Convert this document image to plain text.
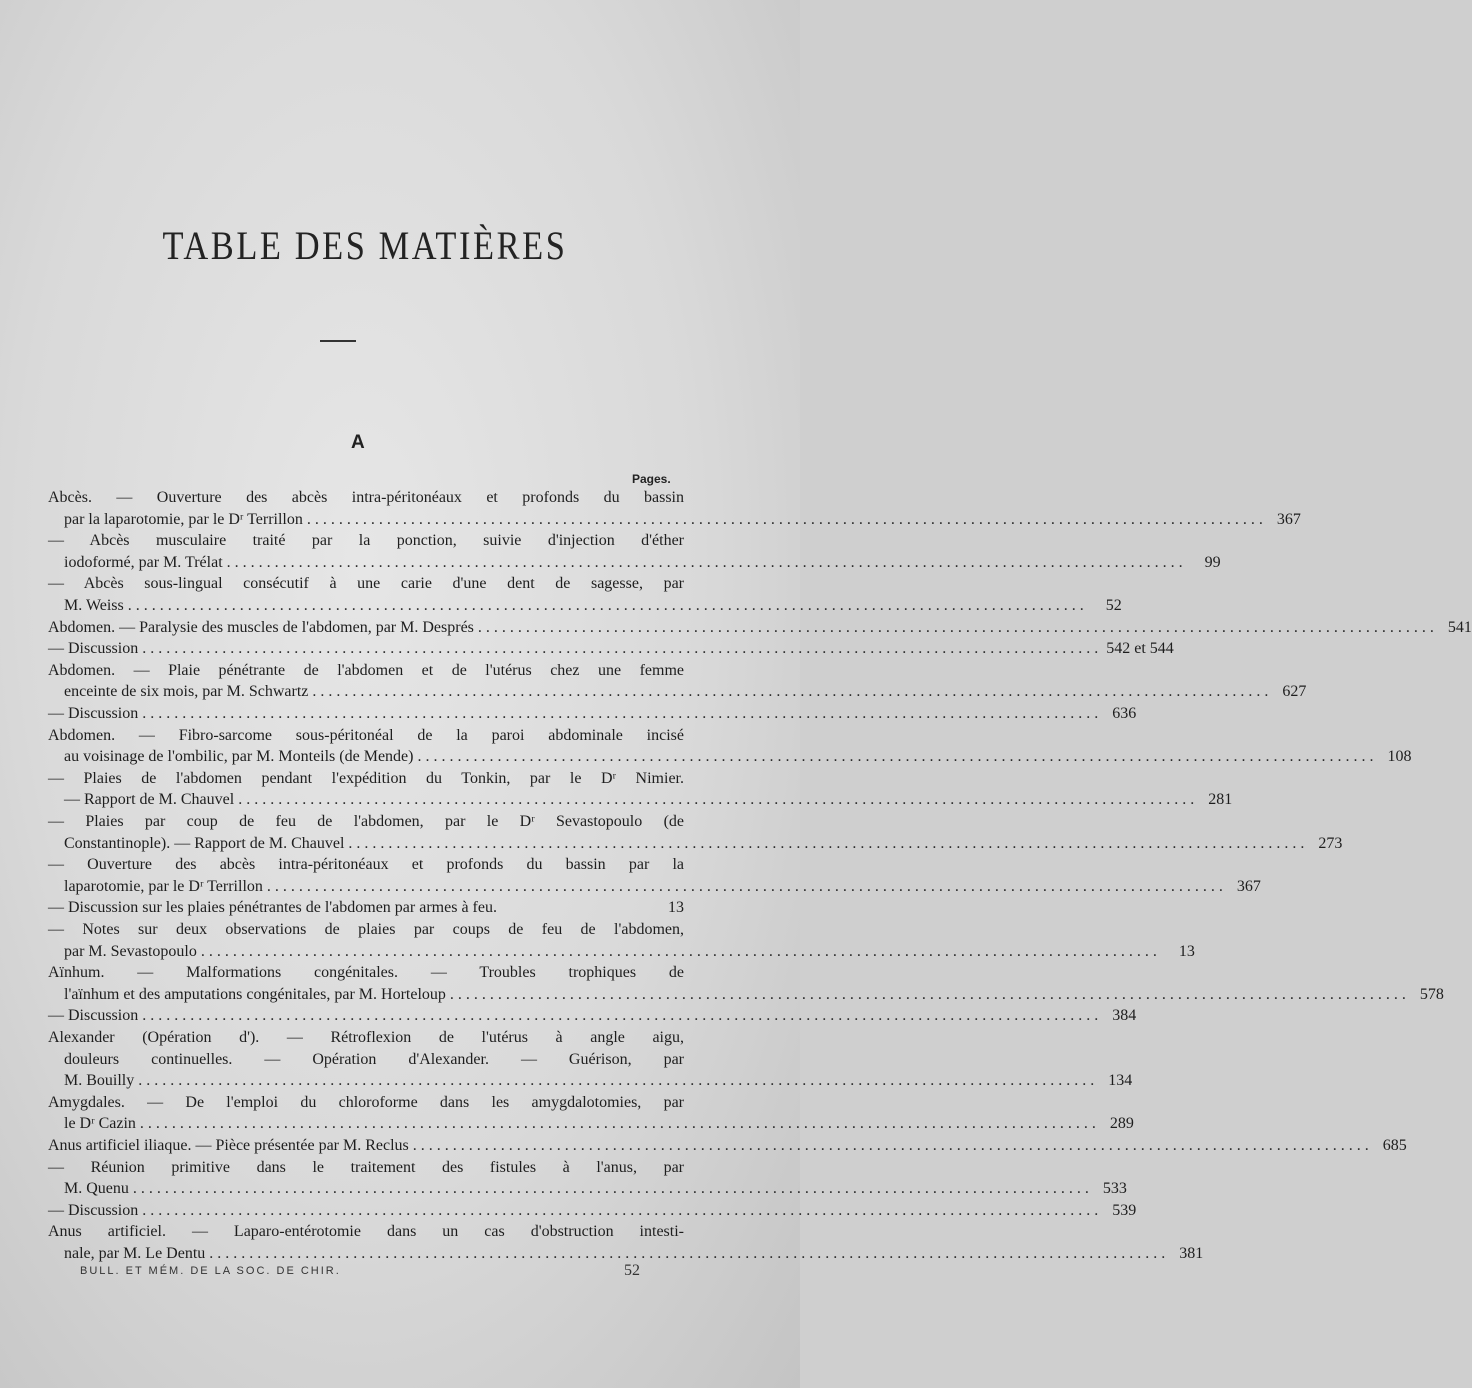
TABLE DES MATIÈRES
A
Pages.
Abcès. — Ouverture des abcès intra-péritonéaux et profonds du bassin
par la laparotomie, par le Dʳ Terrillon ........................................................................................................................ 367
— Abcès musculaire traité par la ponction, suivie d'injection d'éther
iodoformé, par M. Trélat ........................................................................................................................	99
— Abcès sous-lingual consécutif à une carie d'une dent de sagesse, par
M. Weiss ........................................................................................................................	52
Abdomen. — Paralysie des muscles de l'abdomen, par M. Després ........................................................................................................................ 541
— Discussion ........................................................................................................................ 542 et 544
Abdomen. — Plaie pénétrante de l'abdomen et de l'utérus chez une femme
enceinte de six mois, par M. Schwartz ........................................................................................................................ 627
— Discussion ........................................................................................................................ 636
Abdomen. — Fibro-sarcome sous-péritonéal de la paroi abdominale incisé
au voisinage de l'ombilic, par M. Monteils (de Mende) ........................................................................................................................ 108
— Plaies de l'abdomen pendant l'expédition du Tonkin, par le Dʳ Nimier.
— Rapport de M. Chauvel ........................................................................................................................ 281
— Plaies par coup de feu de l'abdomen, par le Dʳ Sevastopoulo (de
Constantinople). — Rapport de M. Chauvel ........................................................................................................................ 273
— Ouverture des abcès intra-péritonéaux et profonds du bassin par la
laparotomie, par le Dʳ Terrillon ........................................................................................................................ 367
— Discussion sur les plaies pénétrantes de l'abdomen par armes à feu.	13
— Notes sur deux observations de plaies par coups de feu de l'abdomen,
par M. Sevastopoulo ........................................................................................................................	13
Aïnhum. — Malformations congénitales. — Troubles trophiques de
l'aïnhum et des amputations congénitales, par M. Horteloup ........................................................................................................................ 578
— Discussion ........................................................................................................................ 384
Alexander (Opération d'). — Rétroflexion de l'utérus à angle aigu,
douleurs continuelles. — Opération d'Alexander. — Guérison, par
M. Bouilly ........................................................................................................................ 134
Amygdales. — De l'emploi du chloroforme dans les amygdalotomies, par
le Dʳ Cazin ........................................................................................................................ 289
Anus artificiel iliaque. — Pièce présentée par M. Reclus ........................................................................................................................ 685
— Réunion primitive dans le traitement des fistules à l'anus, par
M. Quenu ........................................................................................................................ 533
— Discussion ........................................................................................................................ 539
Anus artificiel. — Laparo-entérotomie dans un cas d'obstruction intesti-
nale, par M. Le Dentu ........................................................................................................................ 381
BULL. ET MÉM. DE LA SOC. DE CHIR.	52
